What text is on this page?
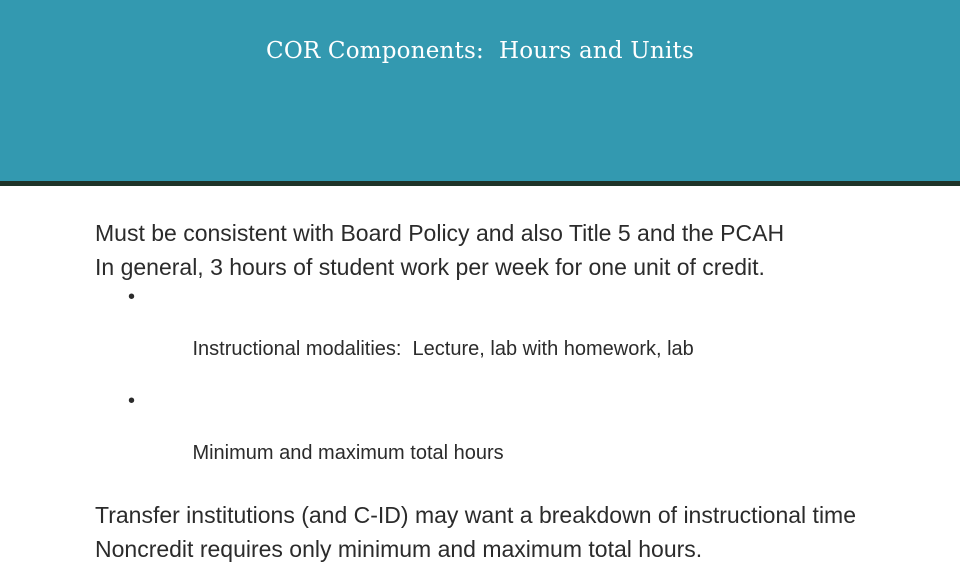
COR Components:  Hours and Units

Must be consistent with Board Policy and also Title 5 and the PCAH

In general, 3 hours of student work per week for one unit of credit.

•

Instructional modalities:  Lecture, lab with homework, lab

•

Minimum and maximum total hours

Transfer institutions (and C-ID) may want a breakdown of instructional time

Noncredit requires only minimum and maximum total hours.
